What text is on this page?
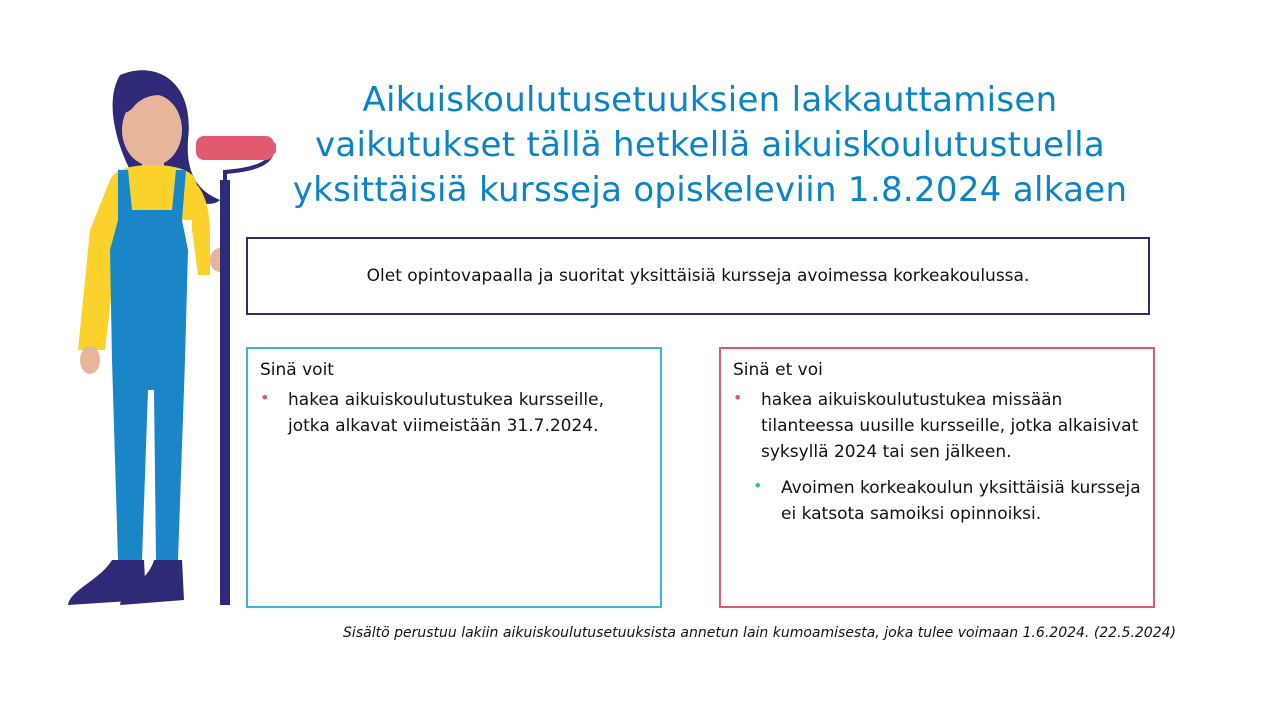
Aikuiskoulutusetuuksien lakkauttamisen
vaikutukset tällä hetkellä aikuiskoulutustuella
yksittäisiä kursseja opiskeleviin 1.8.2024 alkaen
Olet opintovapaalla ja suoritat yksittäisiä kursseja avoimessa korkeakoulussa.

Sinä voit

• hakea aikuiskoulutustukea kursseille, jotka alkavat viimeistään 31.7.2024.

Sinä et voi

• hakea aikuiskoulutustukea missään tilanteessa uusille kursseille, jotka alkaisivat syksyllä 2024 tai sen jälkeen.
• Avoimen korkeakoulun yksittäisiä kursseja ei katsota samoiksi opinnoiksi.
Sisältö perustuu lakiin aikuiskoulutusetuuksista annetun lain kumoamisesta, joka tulee voimaan 1.6.2024. (22.5.2024)
